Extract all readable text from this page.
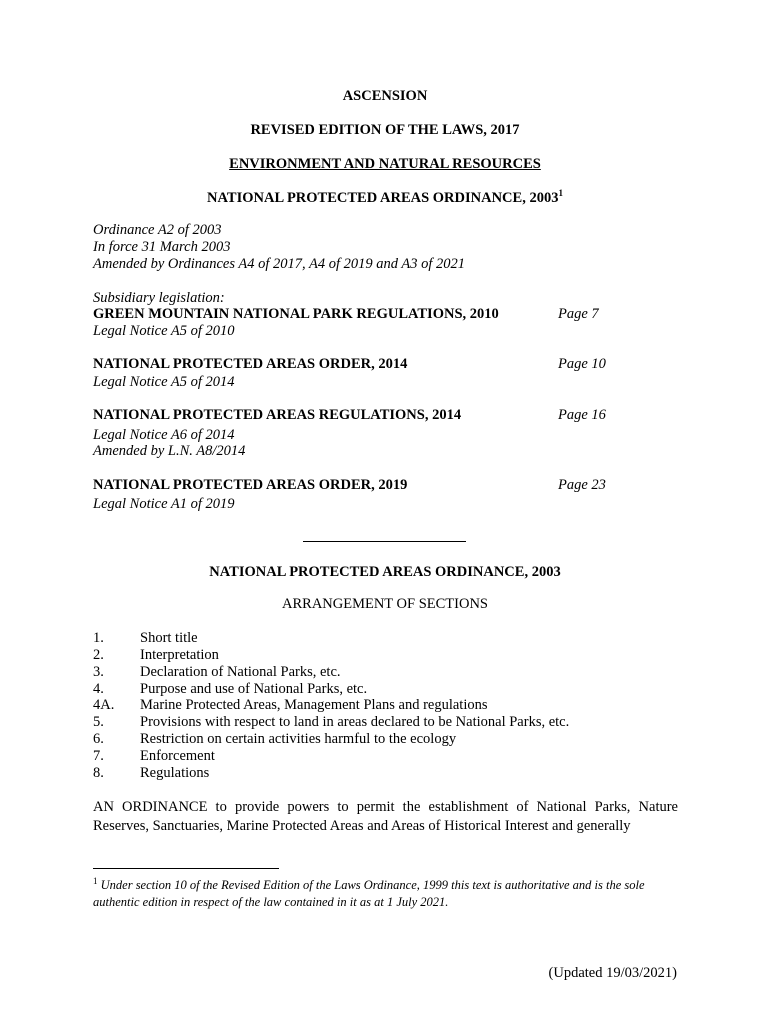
ASCENSION
REVISED EDITION OF THE LAWS, 2017
ENVIRONMENT AND NATURAL RESOURCES
NATIONAL PROTECTED AREAS ORDINANCE, 2003$^1$
Ordinance A2 of 2003
In force 31 March 2003
Amended by Ordinances A4 of 2017, A4 of 2019 and A3 of 2021
Subsidiary legislation:
GREEN MOUNTAIN NATIONAL PARK REGULATIONS, 2010	Page 7
Legal Notice A5 of 2010
NATIONAL PROTECTED AREAS ORDER, 2014	Page 10
Legal Notice A5 of 2014
NATIONAL PROTECTED AREAS REGULATIONS, 2014	Page 16
Legal Notice A6 of 2014
Amended by L.N. A8/2014
NATIONAL PROTECTED AREAS ORDER, 2019	Page 23
Legal Notice A1 of 2019
NATIONAL PROTECTED AREAS ORDINANCE, 2003
ARRANGEMENT OF SECTIONS
1. Short title
2. Interpretation
3. Declaration of National Parks, etc.
4. Purpose and use of National Parks, etc.
4A. Marine Protected Areas, Management Plans and regulations
5. Provisions with respect to land in areas declared to be National Parks, etc.
6. Restriction on certain activities harmful to the ecology
7. Enforcement
8. Regulations
AN ORDINANCE to provide powers to permit the establishment of National Parks, Nature Reserves, Sanctuaries, Marine Protected Areas and Areas of Historical Interest and generally
$^1$ Under section 10 of the Revised Edition of the Laws Ordinance, 1999 this text is authoritative and is the sole authentic edition in respect of the law contained in it as at 1 July 2021.
(Updated 19/03/2021)
